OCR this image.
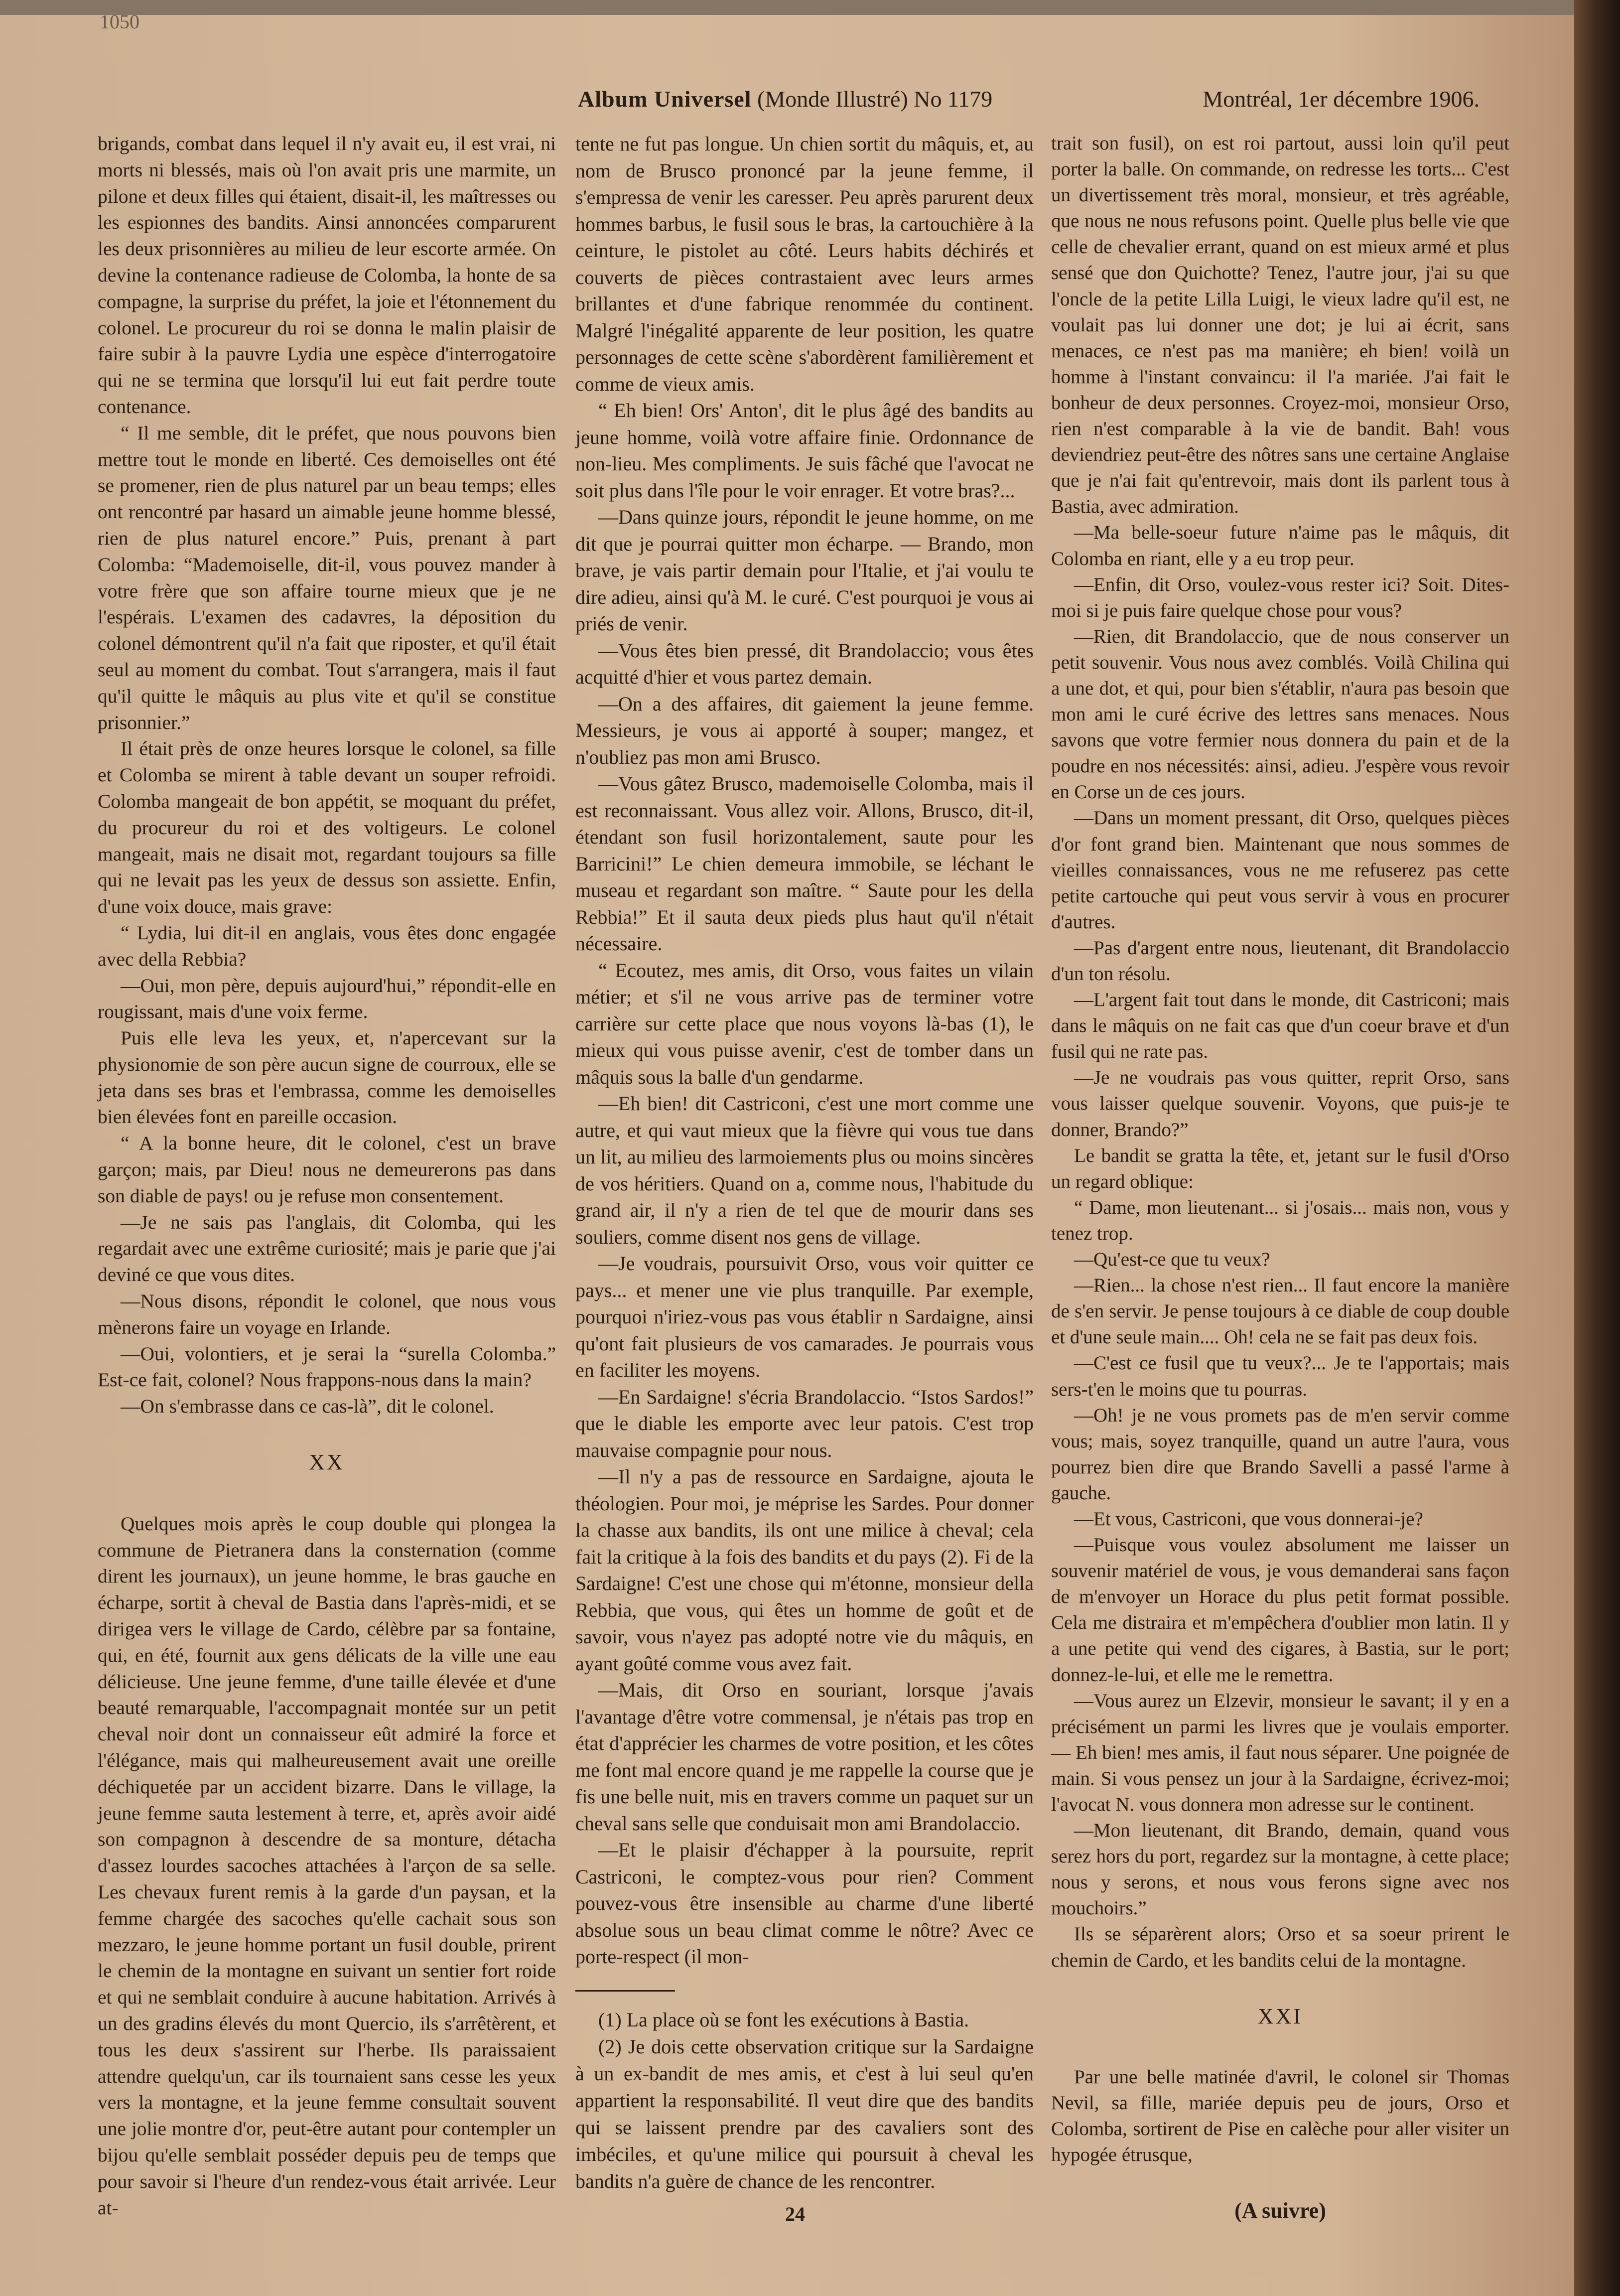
1050
Album Universel (Monde Illustré) No 1179	Montréal, 1er décembre 1906.

brigands, combat dans lequel il n'y avait eu, il est vrai, ni morts ni blessés, mais où l'on avait pris une marmite, un pilone et deux filles qui étaient, disait-il, les maîtresses ou les espionnes des bandits. Ainsi annoncées comparurent les deux prisonnières au milieu de leur escorte armée. On devine la contenance radieuse de Colomba, la honte de sa compagne, la surprise du préfet, la joie et l'étonnement du colonel. Le procureur du roi se donna le malin plaisir de faire subir à la pauvre Lydia une espèce d'interrogatoire qui ne se termina que lorsqu'il lui eut fait perdre toute contenance.

“ Il me semble, dit le préfet, que nous pouvons bien mettre tout le monde en liberté. Ces demoiselles ont été se promener, rien de plus naturel par un beau temps; elles ont rencontré par hasard un aimable jeune homme blessé, rien de plus naturel encore.” Puis, prenant à part Colomba: “Mademoiselle, dit-il, vous pouvez mander à votre frère que son affaire tourne mieux que je ne l'espérais. L'examen des cadavres, la déposition du colonel démontrent qu'il n'a fait que riposter, et qu'il était seul au moment du combat. Tout s'arrangera, mais il faut qu'il quitte le mâquis au plus vite et qu'il se constitue prisonnier.”

Il était près de onze heures lorsque le colonel, sa fille et Colomba se mirent à table devant un souper refroidi. Colomba mangeait de bon appétit, se moquant du préfet, du procureur du roi et des voltigeurs. Le colonel mangeait, mais ne disait mot, regardant toujours sa fille qui ne levait pas les yeux de dessus son assiette. Enfin, d'une voix douce, mais grave:

“ Lydia, lui dit-il en anglais, vous êtes donc engagée avec della Rebbia?

—Oui, mon père, depuis aujourd'hui,” répondit-elle en rougissant, mais d'une voix ferme.

Puis elle leva les yeux, et, n'apercevant sur la physionomie de son père aucun signe de courroux, elle se jeta dans ses bras et l'embrassa, comme les demoiselles bien élevées font en pareille occasion.

“ A la bonne heure, dit le colonel, c'est un brave garçon; mais, par Dieu! nous ne demeurerons pas dans son diable de pays! ou je refuse mon consentement.

—Je ne sais pas l'anglais, dit Colomba, qui les regardait avec une extrême curiosité; mais je parie que j'ai deviné ce que vous dites.

—Nous disons, répondit le colonel, que nous vous mènerons faire un voyage en Irlande.

—Oui, volontiers, et je serai la “surella Colomba.” Est-ce fait, colonel? Nous frappons-nous dans la main?

—On s'embrasse dans ce cas-là”, dit le colonel.

XX

Quelques mois après le coup double qui plongea la commune de Pietranera dans la consternation (comme dirent les journaux), un jeune homme, le bras gauche en écharpe, sortit à cheval de Bastia dans l'après-midi, et se dirigea vers le village de Cardo, célèbre par sa fontaine, qui, en été, fournit aux gens délicats de la ville une eau délicieuse. Une jeune femme, d'une taille élevée et d'une beauté remarquable, l'accompagnait montée sur un petit cheval noir dont un connaisseur eût admiré la force et l'élégance, mais qui malheureusement avait une oreille déchiquetée par un accident bizarre. Dans le village, la jeune femme sauta lestement à terre, et, après avoir aidé son compagnon à descendre de sa monture, détacha d'assez lourdes sacoches attachées à l'arçon de sa selle. Les chevaux furent remis à la garde d'un paysan, et la femme chargée des sacoches qu'elle cachait sous son mezzaro, le jeune homme portant un fusil double, prirent le chemin de la montagne en suivant un sentier fort roide et qui ne semblait conduire à aucune habitation. Arrivés à un des gradins élevés du mont Quercio, ils s'arrêtèrent, et tous les deux s'assirent sur l'herbe. Ils paraissaient attendre quelqu'un, car ils tournaient sans cesse les yeux vers la montagne, et la jeune femme consultait souvent une jolie montre d'or, peut-être autant pour contempler un bijou qu'elle semblait posséder depuis peu de temps que pour savoir si l'heure d'un rendez-vous était arrivée. Leur at-

tente ne fut pas longue. Un chien sortit du mâquis, et, au nom de Brusco prononcé par la jeune femme, il s'empressa de venir les caresser. Peu après parurent deux hommes barbus, le fusil sous le bras, la cartouchière à la ceinture, le pistolet au côté. Leurs habits déchirés et couverts de pièces contrastaient avec leurs armes brillantes et d'une fabrique renommée du continent. Malgré l'inégalité apparente de leur position, les quatre personnages de cette scène s'abordèrent familièrement et comme de vieux amis.

“ Eh bien! Ors' Anton', dit le plus âgé des bandits au jeune homme, voilà votre affaire finie. Ordonnance de non-lieu. Mes compliments. Je suis fâché que l'avocat ne soit plus dans l'île pour le voir enrager. Et votre bras?...

—Dans quinze jours, répondit le jeune homme, on me dit que je pourrai quitter mon écharpe. — Brando, mon brave, je vais partir demain pour l'Italie, et j'ai voulu te dire adieu, ainsi qu'à M. le curé. C'est pourquoi je vous ai priés de venir.

—Vous êtes bien pressé, dit Brandolaccio; vous êtes acquitté d'hier et vous partez demain.

—On a des affaires, dit gaiement la jeune femme. Messieurs, je vous ai apporté à souper; mangez, et n'oubliez pas mon ami Brusco.

—Vous gâtez Brusco, mademoiselle Colomba, mais il est reconnaissant. Vous allez voir. Allons, Brusco, dit-il, étendant son fusil horizontalement, saute pour les Barricini!” Le chien demeura immobile, se léchant le museau et regardant son maître. “ Saute pour les della Rebbia!” Et il sauta deux pieds plus haut qu'il n'était nécessaire.

“ Ecoutez, mes amis, dit Orso, vous faites un vilain métier; et s'il ne vous arrive pas de terminer votre carrière sur cette place que nous voyons là-bas (1), le mieux qui vous puisse avenir, c'est de tomber dans un mâquis sous la balle d'un gendarme.

—Eh bien! dit Castriconi, c'est une mort comme une autre, et qui vaut mieux que la fièvre qui vous tue dans un lit, au milieu des larmoiements plus ou moins sincères de vos héritiers. Quand on a, comme nous, l'habitude du grand air, il n'y a rien de tel que de mourir dans ses souliers, comme disent nos gens de village.

—Je voudrais, poursuivit Orso, vous voir quitter ce pays... et mener une vie plus tranquille. Par exemple, pourquoi n'iriez-vous pas vous établir n Sardaigne, ainsi qu'ont fait plusieurs de vos camarades. Je pourrais vous en faciliter les moyens.

—En Sardaigne! s'écria Brandolaccio. “Istos Sardos!” que le diable les emporte avec leur patois. C'est trop mauvaise compagnie pour nous.

—Il n'y a pas de ressource en Sardaigne, ajouta le théologien. Pour moi, je méprise les Sardes. Pour donner la chasse aux bandits, ils ont une milice à cheval; cela fait la critique à la fois des bandits et du pays (2). Fi de la Sardaigne! C'est une chose qui m'étonne, monsieur della Rebbia, que vous, qui êtes un homme de goût et de savoir, vous n'ayez pas adopté notre vie du mâquis, en ayant goûté comme vous avez fait.

—Mais, dit Orso en souriant, lorsque j'avais l'avantage d'être votre commensal, je n'étais pas trop en état d'apprécier les charmes de votre position, et les côtes me font mal encore quand je me rappelle la course que je fis une belle nuit, mis en travers comme un paquet sur un cheval sans selle que conduisait mon ami Brandolaccio.

—Et le plaisir d'échapper à la poursuite, reprit Castriconi, le comptez-vous pour rien? Comment pouvez-vous être insensible au charme d'une liberté absolue sous un beau climat comme le nôtre? Avec ce porte-respect (il mon-

(1) La place où se font les exécutions à Bastia.

(2) Je dois cette observation critique sur la Sardaigne à un ex-bandit de mes amis, et c'est à lui seul qu'en appartient la responsabilité. Il veut dire que des bandits qui se laissent prendre par des cavaliers sont des imbéciles, et qu'une milice qui poursuit à cheval les bandits n'a guère de chance de les rencontrer.

trait son fusil), on est roi partout, aussi loin qu'il peut porter la balle. On commande, on redresse les torts... C'est un divertissement très moral, monsieur, et très agréable, que nous ne nous refusons point. Quelle plus belle vie que celle de chevalier errant, quand on est mieux armé et plus sensé que don Quichotte? Tenez, l'autre jour, j'ai su que l'oncle de la petite Lilla Luigi, le vieux ladre qu'il est, ne voulait pas lui donner une dot; je lui ai écrit, sans menaces, ce n'est pas ma manière; eh bien! voilà un homme à l'instant convaincu: il l'a mariée. J'ai fait le bonheur de deux personnes. Croyez-moi, monsieur Orso, rien n'est comparable à la vie de bandit. Bah! vous deviendriez peut-être des nôtres sans une certaine Anglaise que je n'ai fait qu'entrevoir, mais dont ils parlent tous à Bastia, avec admiration.

—Ma belle-soeur future n'aime pas le mâquis, dit Colomba en riant, elle y a eu trop peur.

—Enfin, dit Orso, voulez-vous rester ici? Soit. Dites-moi si je puis faire quelque chose pour vous?

—Rien, dit Brandolaccio, que de nous conserver un petit souvenir. Vous nous avez comblés. Voilà Chilina qui a une dot, et qui, pour bien s'établir, n'aura pas besoin que mon ami le curé écrive des lettres sans menaces. Nous savons que votre fermier nous donnera du pain et de la poudre en nos nécessités: ainsi, adieu. J'espère vous revoir en Corse un de ces jours.

—Dans un moment pressant, dit Orso, quelques pièces d'or font grand bien. Maintenant que nous sommes de vieilles connaissances, vous ne me refuserez pas cette petite cartouche qui peut vous servir à vous en procurer d'autres.

—Pas d'argent entre nous, lieutenant, dit Brandolaccio d'un ton résolu.

—L'argent fait tout dans le monde, dit Castriconi; mais dans le mâquis on ne fait cas que d'un coeur brave et d'un fusil qui ne rate pas.

—Je ne voudrais pas vous quitter, reprit Orso, sans vous laisser quelque souvenir. Voyons, que puis-je te donner, Brando?”

Le bandit se gratta la tête, et, jetant sur le fusil d'Orso un regard oblique:

“ Dame, mon lieutenant... si j'osais... mais non, vous y tenez trop.

—Qu'est-ce que tu veux?

—Rien... la chose n'est rien... Il faut encore la manière de s'en servir. Je pense toujours à ce diable de coup double et d'une seule main.... Oh! cela ne se fait pas deux fois.

—C'est ce fusil que tu veux?... Je te l'apportais; mais sers-t'en le moins que tu pourras.

—Oh! je ne vous promets pas de m'en servir comme vous; mais, soyez tranquille, quand un autre l'aura, vous pourrez bien dire que Brando Savelli a passé l'arme à gauche.

—Et vous, Castriconi, que vous donnerai-je?

—Puisque vous voulez absolument me laisser un souvenir matériel de vous, je vous demanderai sans façon de m'envoyer un Horace du plus petit format possible. Cela me distraira et m'empêchera d'oublier mon latin. Il y a une petite qui vend des cigares, à Bastia, sur le port; donnez-le-lui, et elle me le remettra.

—Vous aurez un Elzevir, monsieur le savant; il y en a précisément un parmi les livres que je voulais emporter. — Eh bien! mes amis, il faut nous séparer. Une poignée de main. Si vous pensez un jour à la Sardaigne, écrivez-moi; l'avocat N. vous donnera mon adresse sur le continent.

—Mon lieutenant, dit Brando, demain, quand vous serez hors du port, regardez sur la montagne, à cette place; nous y serons, et nous vous ferons signe avec nos mouchoirs.”

Ils se séparèrent alors; Orso et sa soeur prirent le chemin de Cardo, et les bandits celui de la montagne.

XXI

Par une belle matinée d'avril, le colonel sir Thomas Nevil, sa fille, mariée depuis peu de jours, Orso et Colomba, sortirent de Pise en calèche pour aller visiter un hypogée étrusque,

(A suivre)
24
